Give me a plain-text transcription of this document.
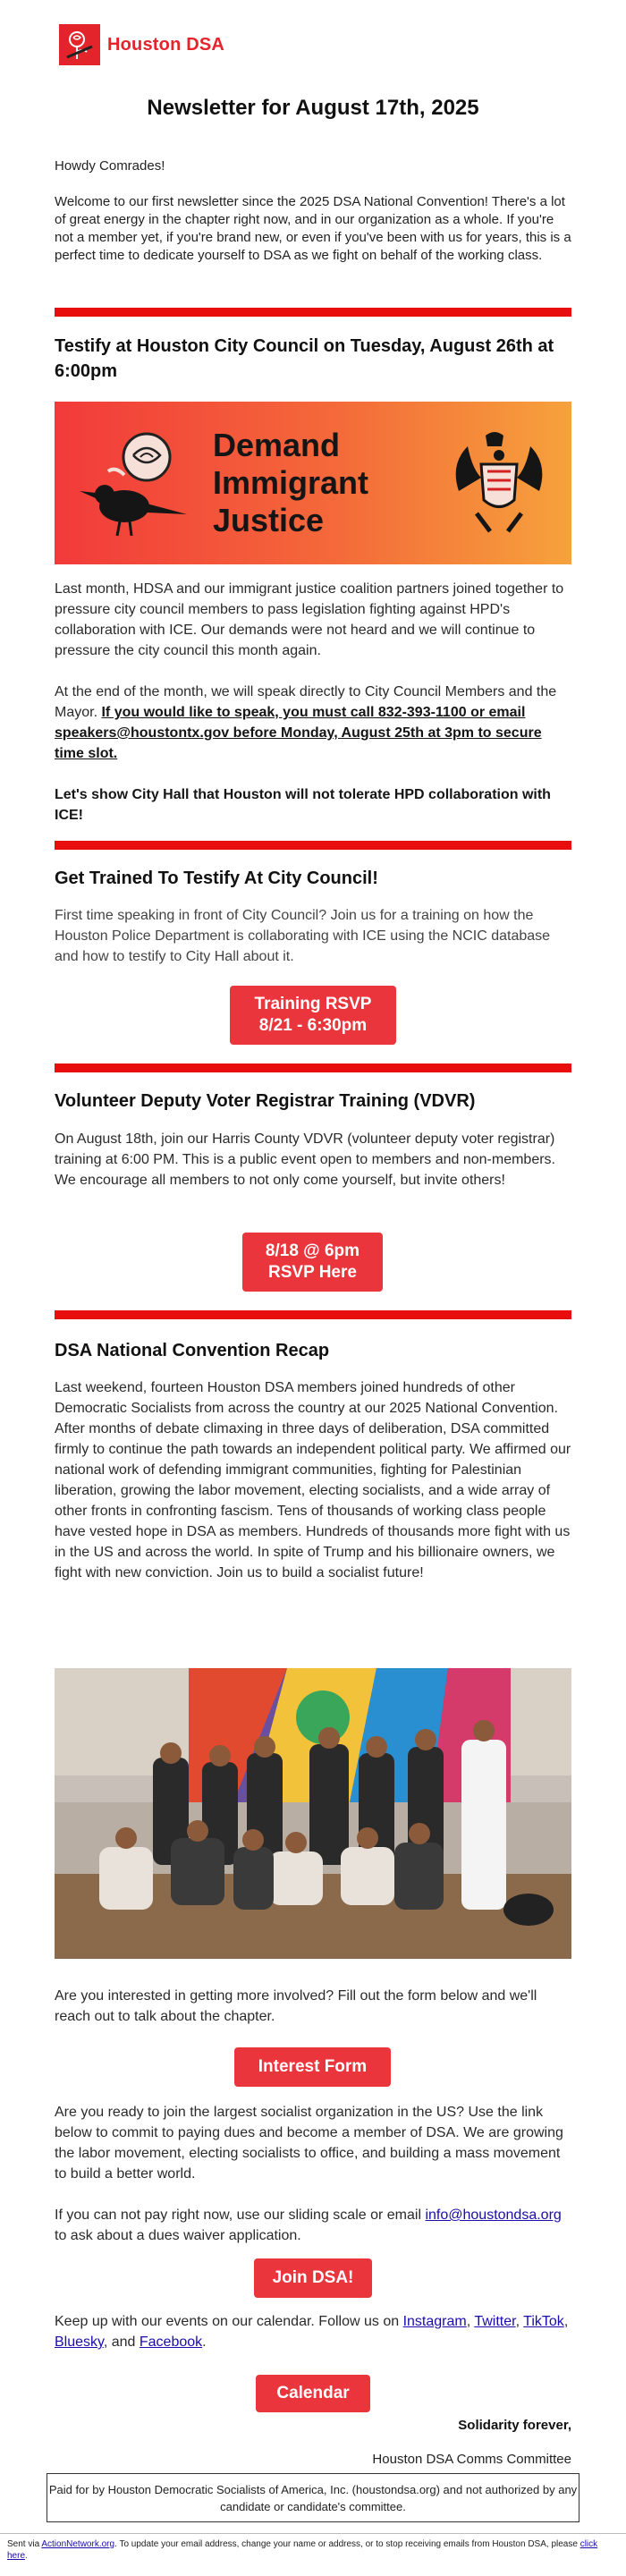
Houston DSA
Newsletter for August 17th, 2025

Howdy Comrades!

Welcome to our first newsletter since the 2025 DSA National Convention! There's a lot of great energy in the chapter right now, and in our organization as a whole. If you're not a member yet, if you're brand new, or even if you've been with us for years, this is a perfect time to dedicate yourself to DSA as we fight on behalf of the working class.

Testify at Houston City Council on Tuesday, August 26th at 6:00pm
Demand
Immigrant
Justice

Last month, HDSA and our immigrant justice coalition partners joined together to pressure city council members to pass legislation fighting against HPD's collaboration with ICE. Our demands were not heard and we will continue to pressure the city council this month again.

At the end of the month, we will speak directly to City Council Members and the Mayor. If you would like to speak, you must call 832-393-1100 or email speakers@houstontx.gov before Monday, August 25th at 3pm to secure time slot.

Let's show City Hall that Houston will not tolerate HPD collaboration with ICE!

Get Trained To Testify At City Council!

First time speaking in front of City Council? Join us for a training on how the Houston Police Department is collaborating with ICE using the NCIC database and how to testify to City Hall about it.

Training RSVP
8/21 - 6:30pm
Volunteer Deputy Voter Registrar Training (VDVR)

On August 18th, join our Harris County VDVR (volunteer deputy voter registrar) training at 6:00 PM. This is a public event open to members and non-members. We encourage all members to not only come yourself, but invite others!

8/18 @ 6pm
RSVP Here
DSA National Convention Recap

Last weekend, fourteen Houston DSA members joined hundreds of other Democratic Socialists from across the country at our 2025 National Convention. After months of debate climaxing in three days of deliberation, DSA committed firmly to continue the path towards an independent political party. We affirmed our national work of defending immigrant communities, fighting for Palestinian liberation, growing the labor movement, electing socialists, and a wide array of other fronts in confronting fascism. Tens of thousands of working class people have vested hope in DSA as members. Hundreds of thousands more fight with us in the US and across the world. In spite of Trump and his billionaire owners, we fight with new conviction. Join us to build a socialist future!

Are you interested in getting more involved? Fill out the form below and we'll reach out to talk about the chapter.

Interest Form

Are you ready to join the largest socialist organization in the US? Use the link below to commit to paying dues and become a member of DSA. We are growing the labor movement, electing socialists to office, and building a mass movement to build a better world.

If you can not pay right now, use our sliding scale or email info@houstondsa.org to ask about a dues waiver application.

Join DSA!

Keep up with our events on our calendar. Follow us on Instagram, Twitter, TikTok, Bluesky, and Facebook.

Calendar
Solidarity forever,
Houston DSA Comms Committee
Paid for by Houston Democratic Socialists of America, Inc. (houstondsa.org) and not authorized by any candidate or candidate's committee.
Sent via ActionNetwork.org. To update your email address, change your name or address, or to stop receiving emails from Houston DSA, please click here.
